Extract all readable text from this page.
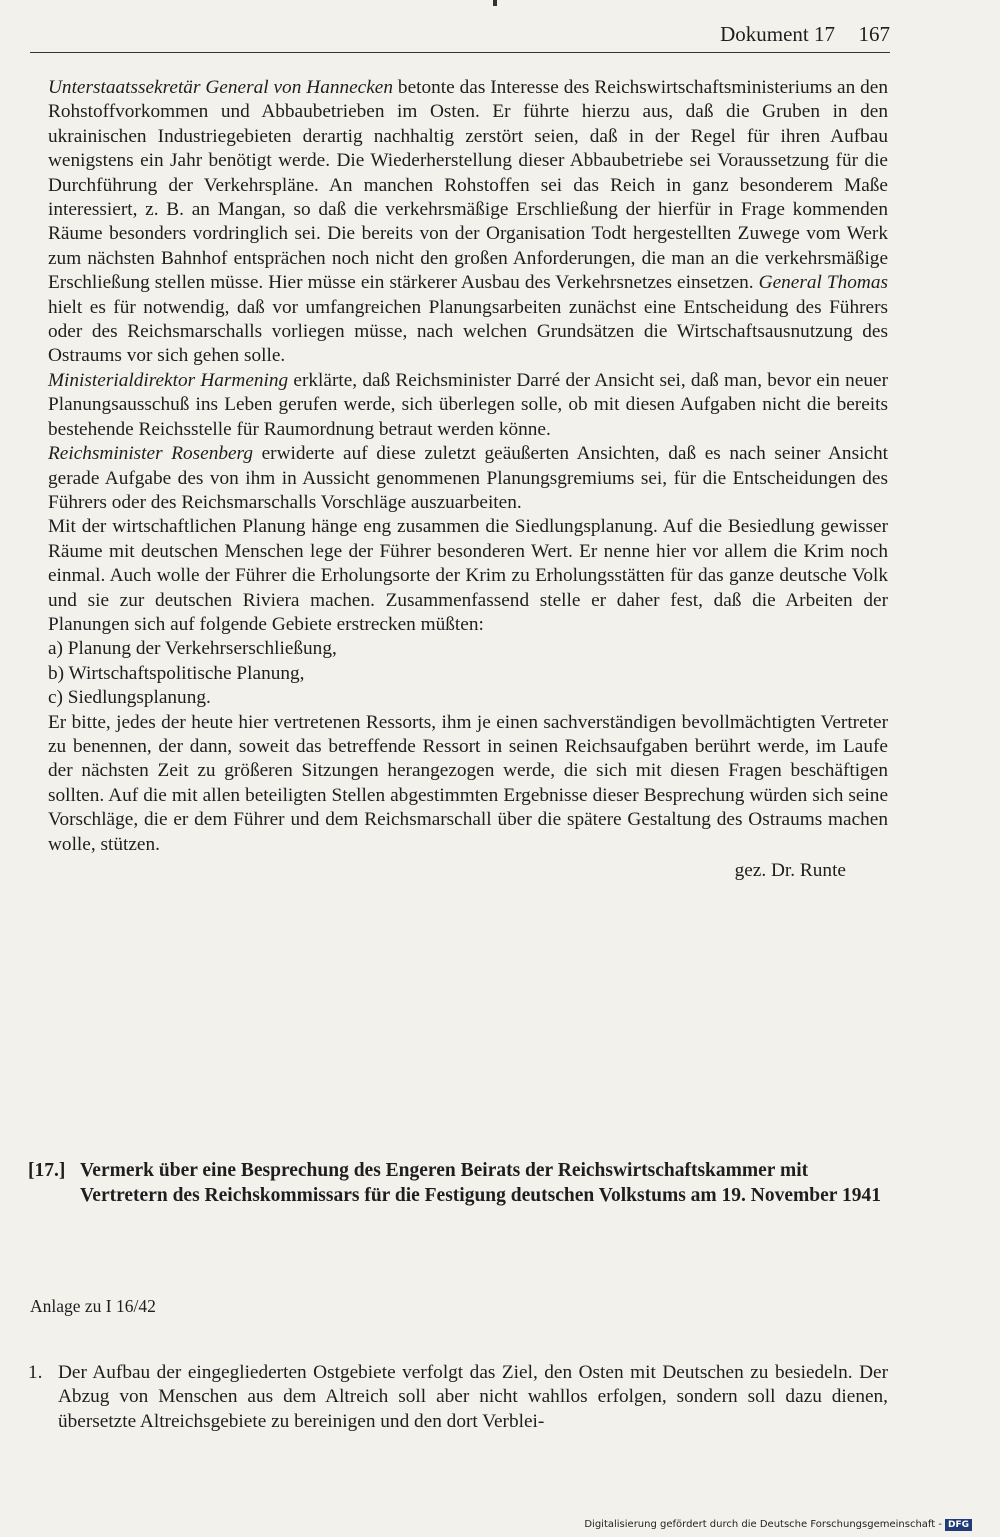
Dokument 17 167

Unterstaatssekretär General von Hannecken betonte das Interesse des Reichswirtschaftsministeriums an den Rohstoffvorkommen und Abbaubetrieben im Osten. Er führte hierzu aus, daß die Gruben in den ukrainischen Industriegebieten derartig nachhaltig zerstört seien, daß in der Regel für ihren Aufbau wenigstens ein Jahr benötigt werde. Die Wiederherstellung dieser Abbaubetriebe sei Voraussetzung für die Durchführung der Verkehrspläne. An manchen Rohstoffen sei das Reich in ganz besonderem Maße interessiert, z. B. an Mangan, so daß die verkehrsmäßige Erschließung der hierfür in Frage kommenden Räume besonders vordringlich sei. Die bereits von der Organisation Todt hergestellten Zuwege vom Werk zum nächsten Bahnhof entsprächen noch nicht den großen Anforderungen, die man an die verkehrsmäßige Erschließung stellen müsse. Hier müsse ein stärkerer Ausbau des Verkehrsnetzes einsetzen. General Thomas hielt es für notwendig, daß vor umfangreichen Planungsarbeiten zunächst eine Entscheidung des Führers oder des Reichsmarschalls vorliegen müsse, nach welchen Grundsätzen die Wirtschaftsausnutzung des Ostraums vor sich gehen solle.

Ministerialdirektor Harmening erklärte, daß Reichsminister Darré der Ansicht sei, daß man, bevor ein neuer Planungsausschuß ins Leben gerufen werde, sich überlegen solle, ob mit diesen Aufgaben nicht die bereits bestehende Reichsstelle für Raumordnung betraut werden könne.

Reichsminister Rosenberg erwiderte auf diese zuletzt geäußerten Ansichten, daß es nach seiner Ansicht gerade Aufgabe des von ihm in Aussicht genommenen Planungsgremiums sei, für die Entscheidungen des Führers oder des Reichsmarschalls Vorschläge auszuarbeiten.

Mit der wirtschaftlichen Planung hänge eng zusammen die Siedlungsplanung. Auf die Besiedlung gewisser Räume mit deutschen Menschen lege der Führer besonderen Wert. Er nenne hier vor allem die Krim noch einmal. Auch wolle der Führer die Erholungsorte der Krim zu Erholungsstätten für das ganze deutsche Volk und sie zur deutschen Riviera machen. Zusammenfassend stelle er daher fest, daß die Arbeiten der Planungen sich auf folgende Gebiete erstrecken müßten:

a) Planung der Verkehrserschließung,

b) Wirtschaftspolitische Planung,

c) Siedlungsplanung.

Er bitte, jedes der heute hier vertretenen Ressorts, ihm je einen sachverständigen bevollmächtigten Vertreter zu benennen, der dann, soweit das betreffende Ressort in seinen Reichsaufgaben berührt werde, im Laufe der nächsten Zeit zu größeren Sitzungen herangezogen werde, die sich mit diesen Fragen beschäftigen sollten. Auf die mit allen beteiligten Stellen abgestimmten Ergebnisse dieser Besprechung würden sich seine Vorschläge, die er dem Führer und dem Reichsmarschall über die spätere Gestaltung des Ostraums machen wolle, stützen.

gez. Dr. Runte

[17.] Vermerk über eine Besprechung des Engeren Beirats der Reichswirtschaftskammer mit Vertretern des Reichskommissars für die Festigung deutschen Volkstums am 19. November 1941
Anlage zu I 16/42
1. Der Aufbau der eingegliederten Ostgebiete verfolgt das Ziel, den Osten mit Deutschen zu besiedeln. Der Abzug von Menschen aus dem Altreich soll aber nicht wahllos erfolgen, sondern soll dazu dienen, übersetzte Altreichsgebiete zu bereinigen und den dort Verblei-
Digitalisierung gefördert durch die Deutsche Forschungsgemeinschaft - DFG
